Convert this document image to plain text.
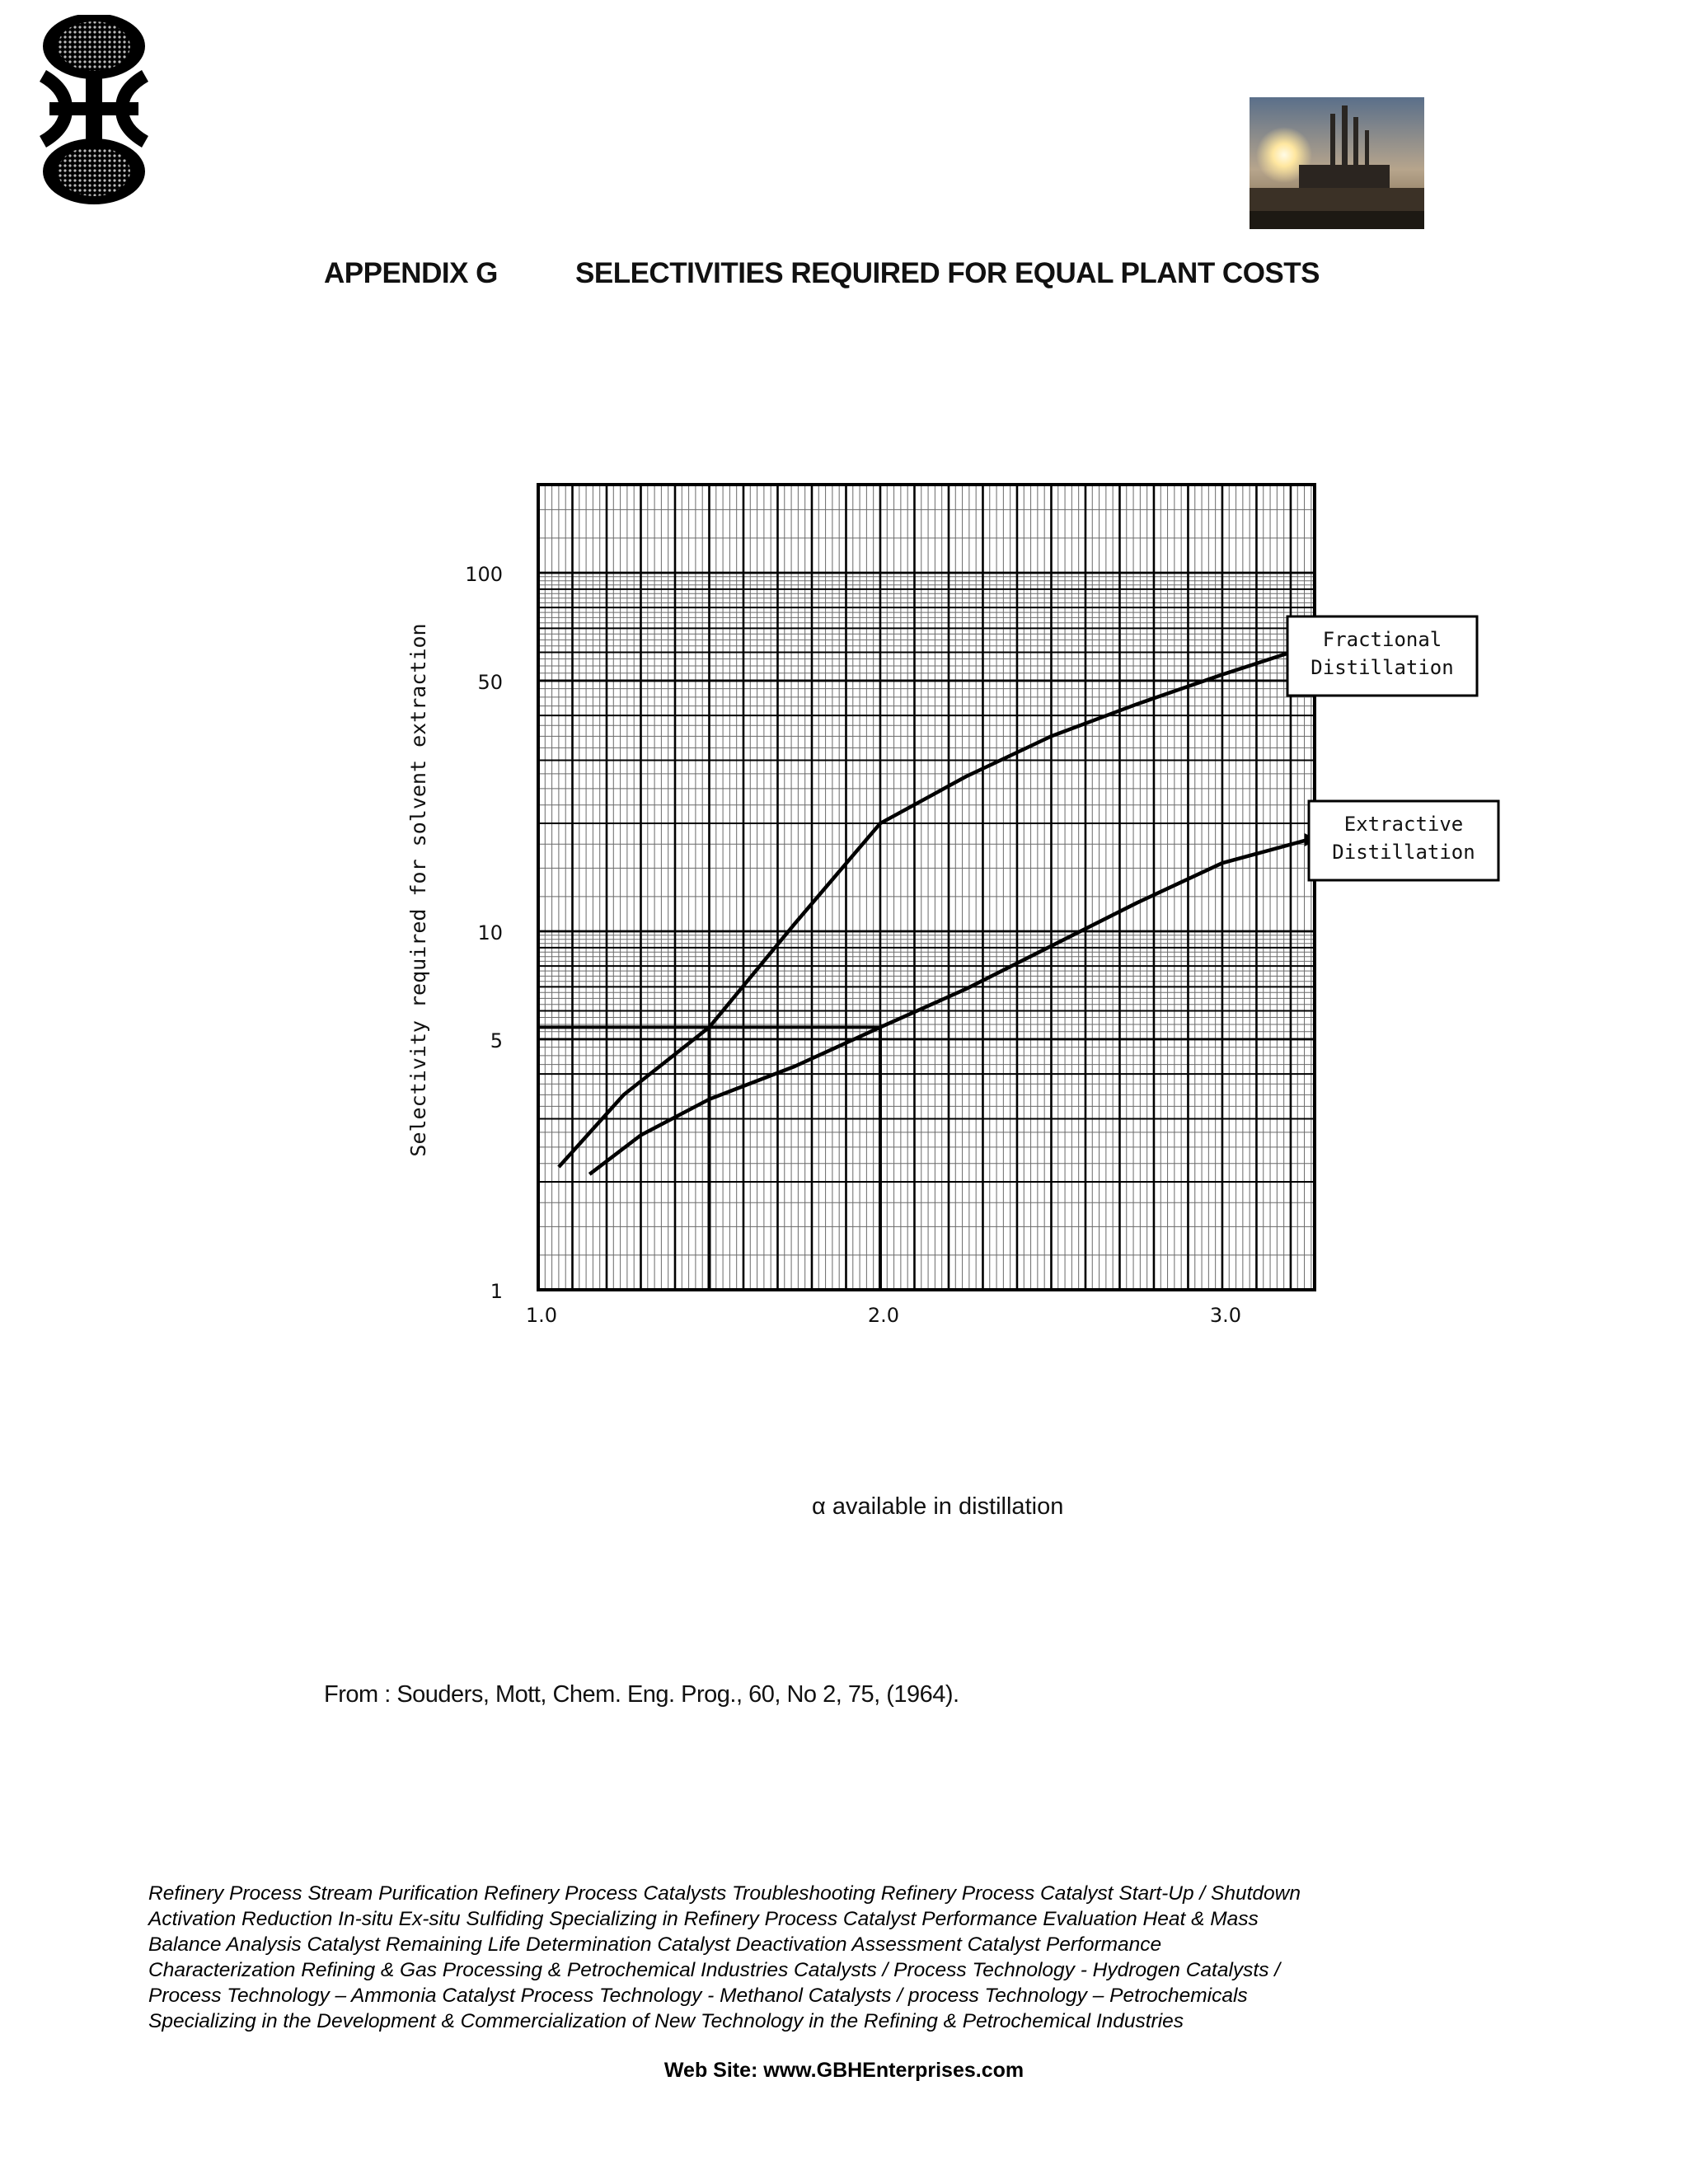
APPENDIX G	SELECTIVITIES REQUIRED FOR EQUAL PLANT COSTS
1
5
10
50
100
1.0	2.0	3.0
Fractional
Distillation
Extractive
Distillation
Selectivity required for solvent extraction
α available in distillation
From : Souders, Mott, Chem. Eng. Prog., 60, No 2, 75, (1964).
Refinery Process Stream Purification Refinery Process Catalysts Troubleshooting Refinery Process Catalyst Start-Up / Shutdown
Activation Reduction In-situ Ex-situ Sulfiding Specializing in Refinery Process Catalyst Performance Evaluation Heat & Mass
Balance Analysis Catalyst Remaining Life Determination Catalyst Deactivation Assessment Catalyst Performance
Characterization Refining & Gas Processing & Petrochemical Industries Catalysts / Process Technology - Hydrogen Catalysts /
Process Technology – Ammonia Catalyst Process Technology - Methanol Catalysts / process Technology – Petrochemicals
Specializing in the Development & Commercialization of New Technology in the Refining & Petrochemical Industries
Web Site: www.GBHEnterprises.com
